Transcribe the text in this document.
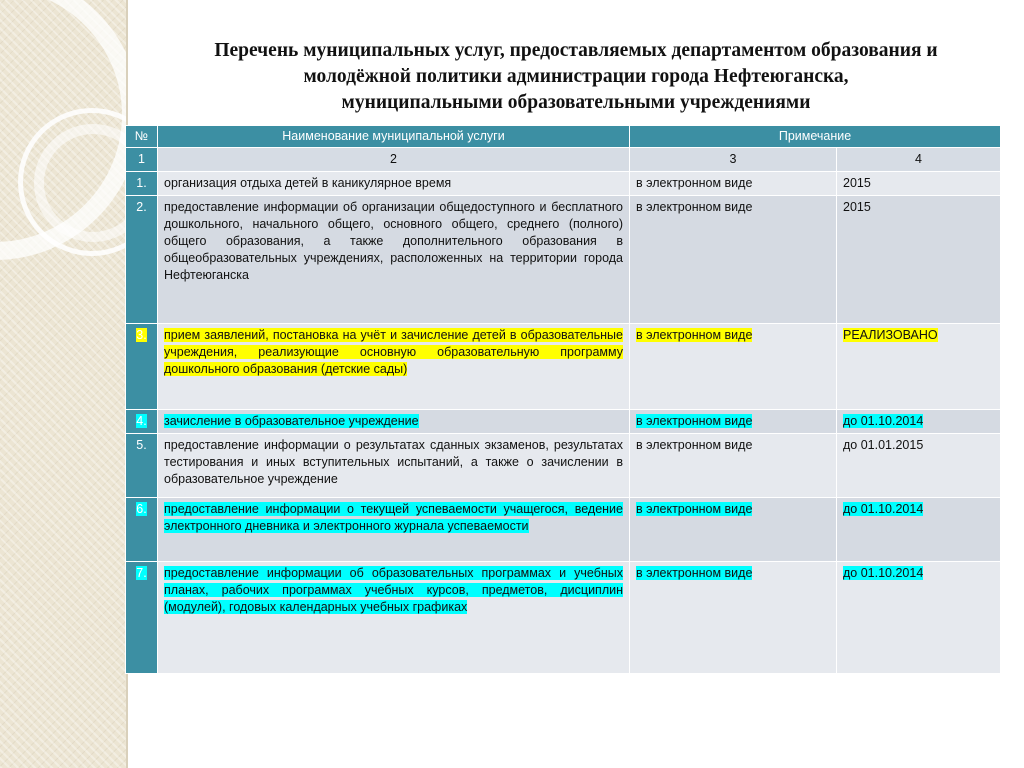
Перечень муниципальных услуг, предоставляемых департаментом образования и
молодёжной политики администрации города Нефтеюганска,
муниципальными образовательными учреждениями
№	Наименование муниципальной услуги	Примечание	
1	2	3	4
1.	организация отдыха детей в каникулярное время	в электронном виде	2015
2.	предоставление информации об организации общедоступного и бесплатного дошкольного, начального общего, основного общего, среднего (полного) общего образования, а также дополнительного образования в общеобразовательных учреждениях, расположенных на территории города Нефтеюганска	в электронном виде	2015
3.	прием заявлений, постановка на учёт и зачисление детей в образовательные учреждения, реализующие основную образовательную программу дошкольного образования (детские сады)	в электронном виде	РЕАЛИЗОВАНО
4.	зачисление в образовательное учреждение	в электронном виде	до 01.10.2014
5.	предоставление информации о результатах сданных экзаменов, результатах тестирования и иных вступительных испытаний, а также о зачислении в образовательное учреждение	в электронном виде	до 01.01.2015
6.	предоставление информации о текущей успеваемости учащегося, ведение электронного дневника и электронного журнала успеваемости	в электронном виде	до 01.10.2014
7.	предоставление информации об образовательных программах и учебных планах, рабочих программах учебных курсов, предметов, дисциплин (модулей), годовых календарных учебных графиках	в электронном виде	до 01.10.2014
